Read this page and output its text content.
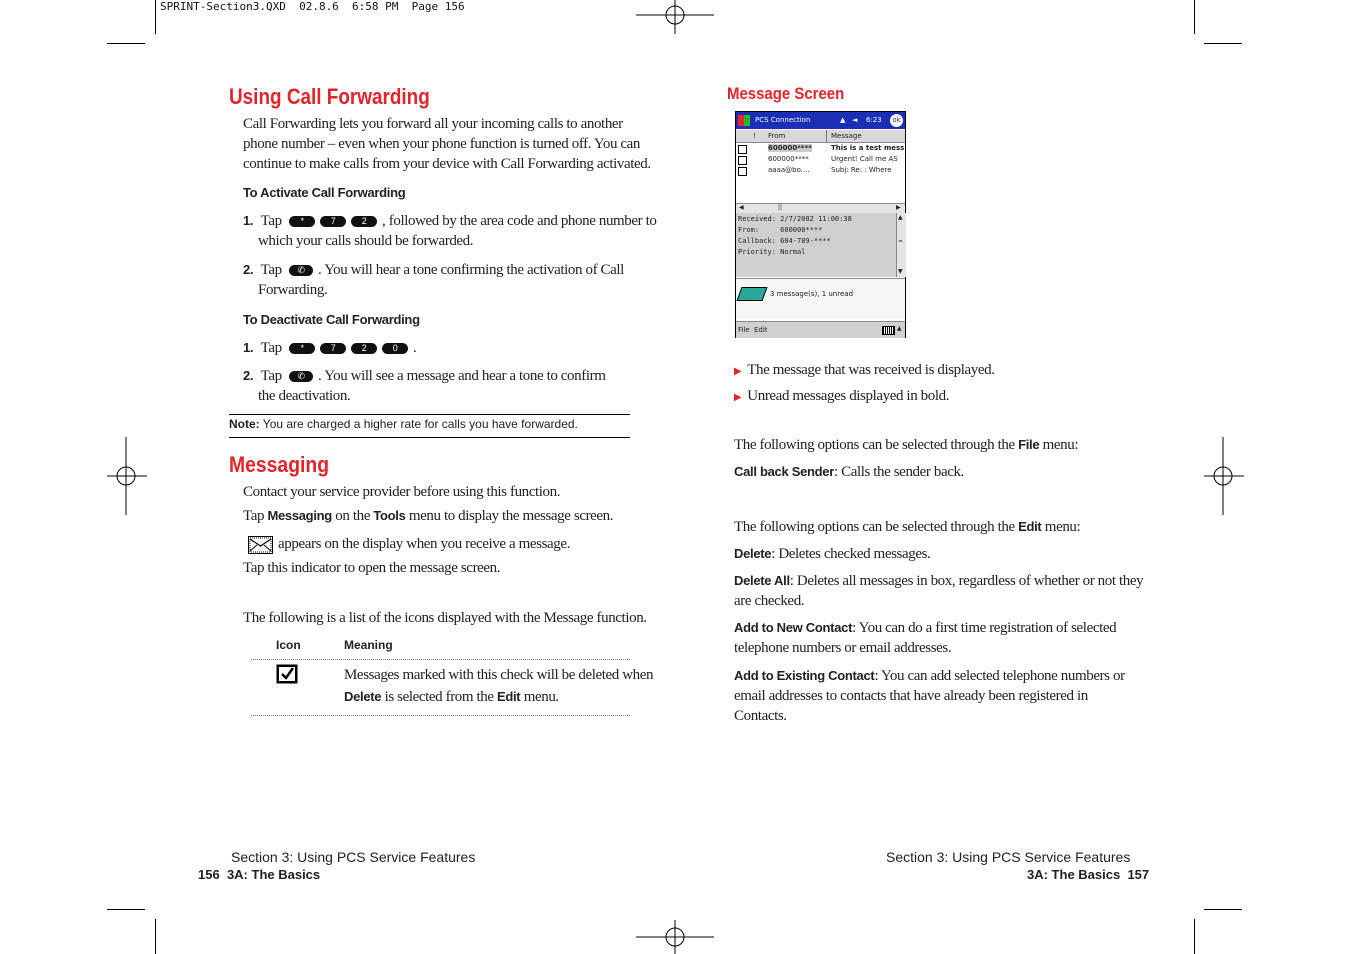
SPRINT-Section3.QXD  02.8.6  6:58 PM  Page 156
Using Call Forwarding
Call Forwarding lets you forward all your incoming calls to another
phone number – even when your phone function is turned off. You can
continue to make calls from your device with Call Forwarding activated.
To Activate Call Forwarding
1. Tap *	7	2 , followed by the area code and phone number to
which your calls should be forwarded.
2. Tap ✆ . You will hear a tone confirming the activation of Call
Forwarding.
To Deactivate Call Forwarding
1. Tap *	7	2	0 .
2. Tap ✆ . You will see a message and hear a tone to confirm
the deactivation.
Note: You are charged a higher rate for calls you have forwarded.
Messaging
Contact your service provider before using this function.
Tap Messaging on the Tools menu to display the message screen.
appears on the display when you receive a message.
Tap this indicator to open the message screen.
The following is a list of the icons displayed with the Message function.
Icon	Meaning
Messages marked with this check will be deleted when
Delete is selected from the Edit menu.
Section 3: Using PCS Service Features
156 3A: The Basics
Message Screen
PCS Connection	▲ ◄ 6:23	ok
! From	Message
600000****	This is a test mess
600000****	Urgent! Call me AS
aaaa@bo....	Subj: Re: : Where
◀	||	▶
Received: 2/7/2002 11:00:38
From:     600000****
Callback: 604-789-****
Priority: Normal
▲
=
▼
3 message(s), 1 unread
File Edit	▲
▶ The message that was received is displayed.
▶ Unread messages displayed in bold.
The following options can be selected through the File menu:
Call back Sender: Calls the sender back.
The following options can be selected through the Edit menu:
Delete: Deletes checked messages.
Delete All: Deletes all messages in box, regardless of whether or not they
are checked.
Add to New Contact: You can do a first time registration of selected
telephone numbers or email addresses.
Add to Existing Contact: You can add selected telephone numbers or
email addresses to contacts that have already been registered in
Contacts.
Section 3: Using PCS Service Features
3A: The Basics 157
